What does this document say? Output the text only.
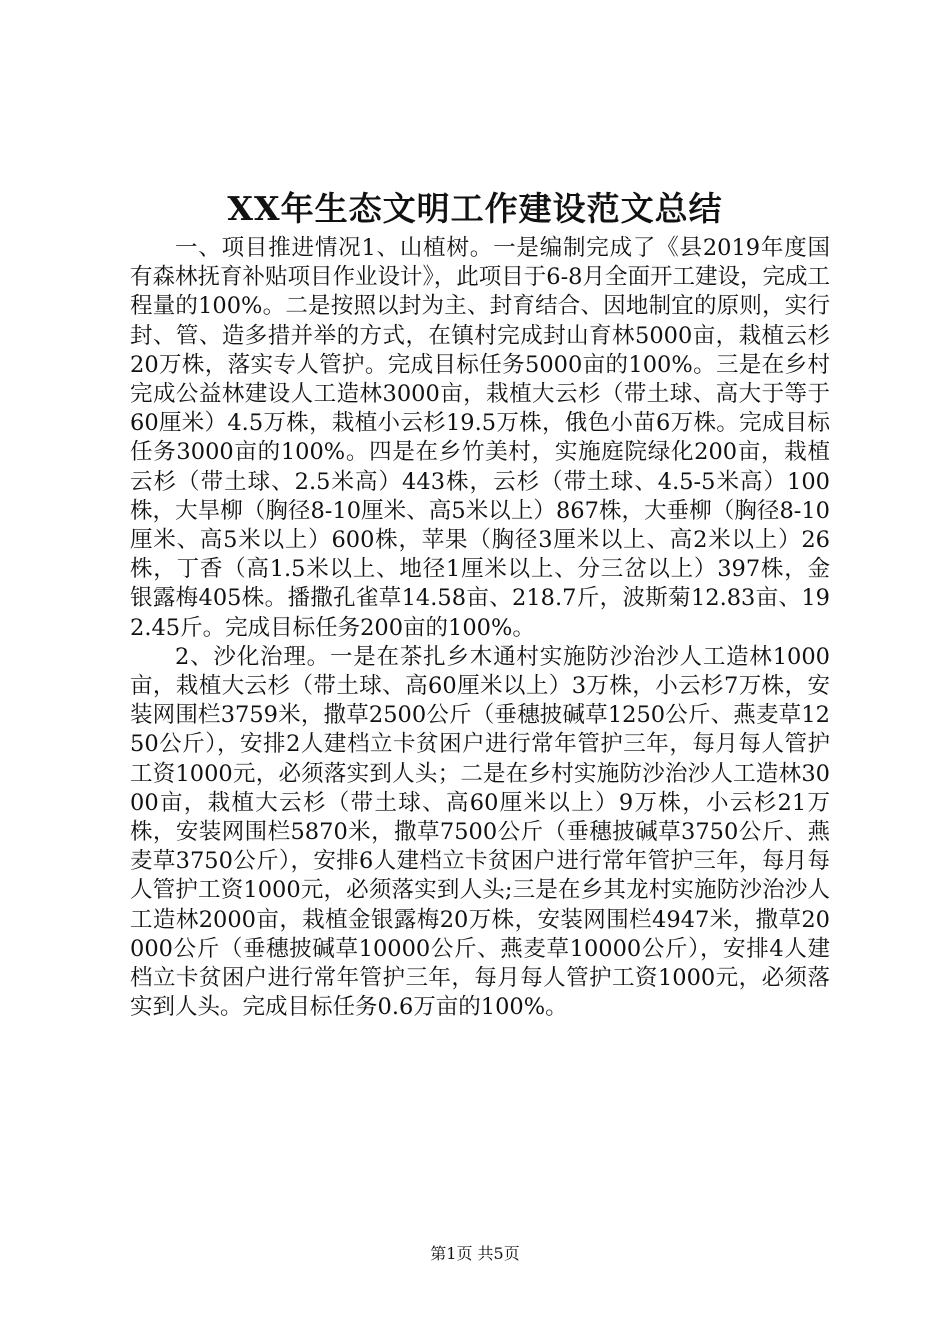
XX年生态文明工作建设范文总结

一、项目推进情况1、山植树。一是编制完成了《县2019年度国有森林抚育补贴项目作业设计》，此项目于6-8月全面开工建设，完成工程量的100%。二是按照以封为主、封育结合、因地制宜的原则，实行封、管、造多措并举的方式，在镇村完成封山育林5000亩，栽植云杉20万株，落实专人管护。完成目标任务5000亩的100%。三是在乡村完成公益林建设人工造林3000亩，栽植大云杉（带土球、高大于等于60厘米）4.5万株，栽植小云杉19.5万株，俄色小苗6万株。完成目标任务3000亩的100%。四是在乡竹美村，实施庭院绿化200亩，栽植云杉（带土球、2.5米高）443株，云杉（带土球、4.5-5米高）100株，大旱柳（胸径8-10厘米、高5米以上）867株，大垂柳（胸径8-10厘米、高5米以上）600株，苹果（胸径3厘米以上、高2米以上）26株，丁香（高1.5米以上、地径1厘米以上、分三岔以上）397株，金银露梅405株。播撒孔雀草14.58亩、218.7斤，波斯菊12.83亩、192.45斤。完成目标任务200亩的100%。

2、沙化治理。一是在茶扎乡木通村实施防沙治沙人工造林1000亩，栽植大云杉（带土球、高60厘米以上）3万株，小云杉7万株，安装网围栏3759米，撒草2500公斤（垂穗披碱草1250公斤、燕麦草1250公斤），安排2人建档立卡贫困户进行常年管护三年，每月每人管护工资1000元，必须落实到人头；二是在乡村实施防沙治沙人工造林3000亩，栽植大云杉（带土球、高60厘米以上）9万株，小云杉21万株，安装网围栏5870米，撒草7500公斤（垂穗披碱草3750公斤、燕麦草3750公斤），安排6人建档立卡贫困户进行常年管护三年，每月每人管护工资1000元，必须落实到人头;三是在乡其龙村实施防沙治沙人工造林2000亩，栽植金银露梅20万株，安装网围栏4947米，撒草20000公斤（垂穗披碱草10000公斤、燕麦草10000公斤），安排4人建档立卡贫困户进行常年管护三年，每月每人管护工资1000元，必须落实到人头。完成目标任务0.6万亩的100%。

第1页 共5页
